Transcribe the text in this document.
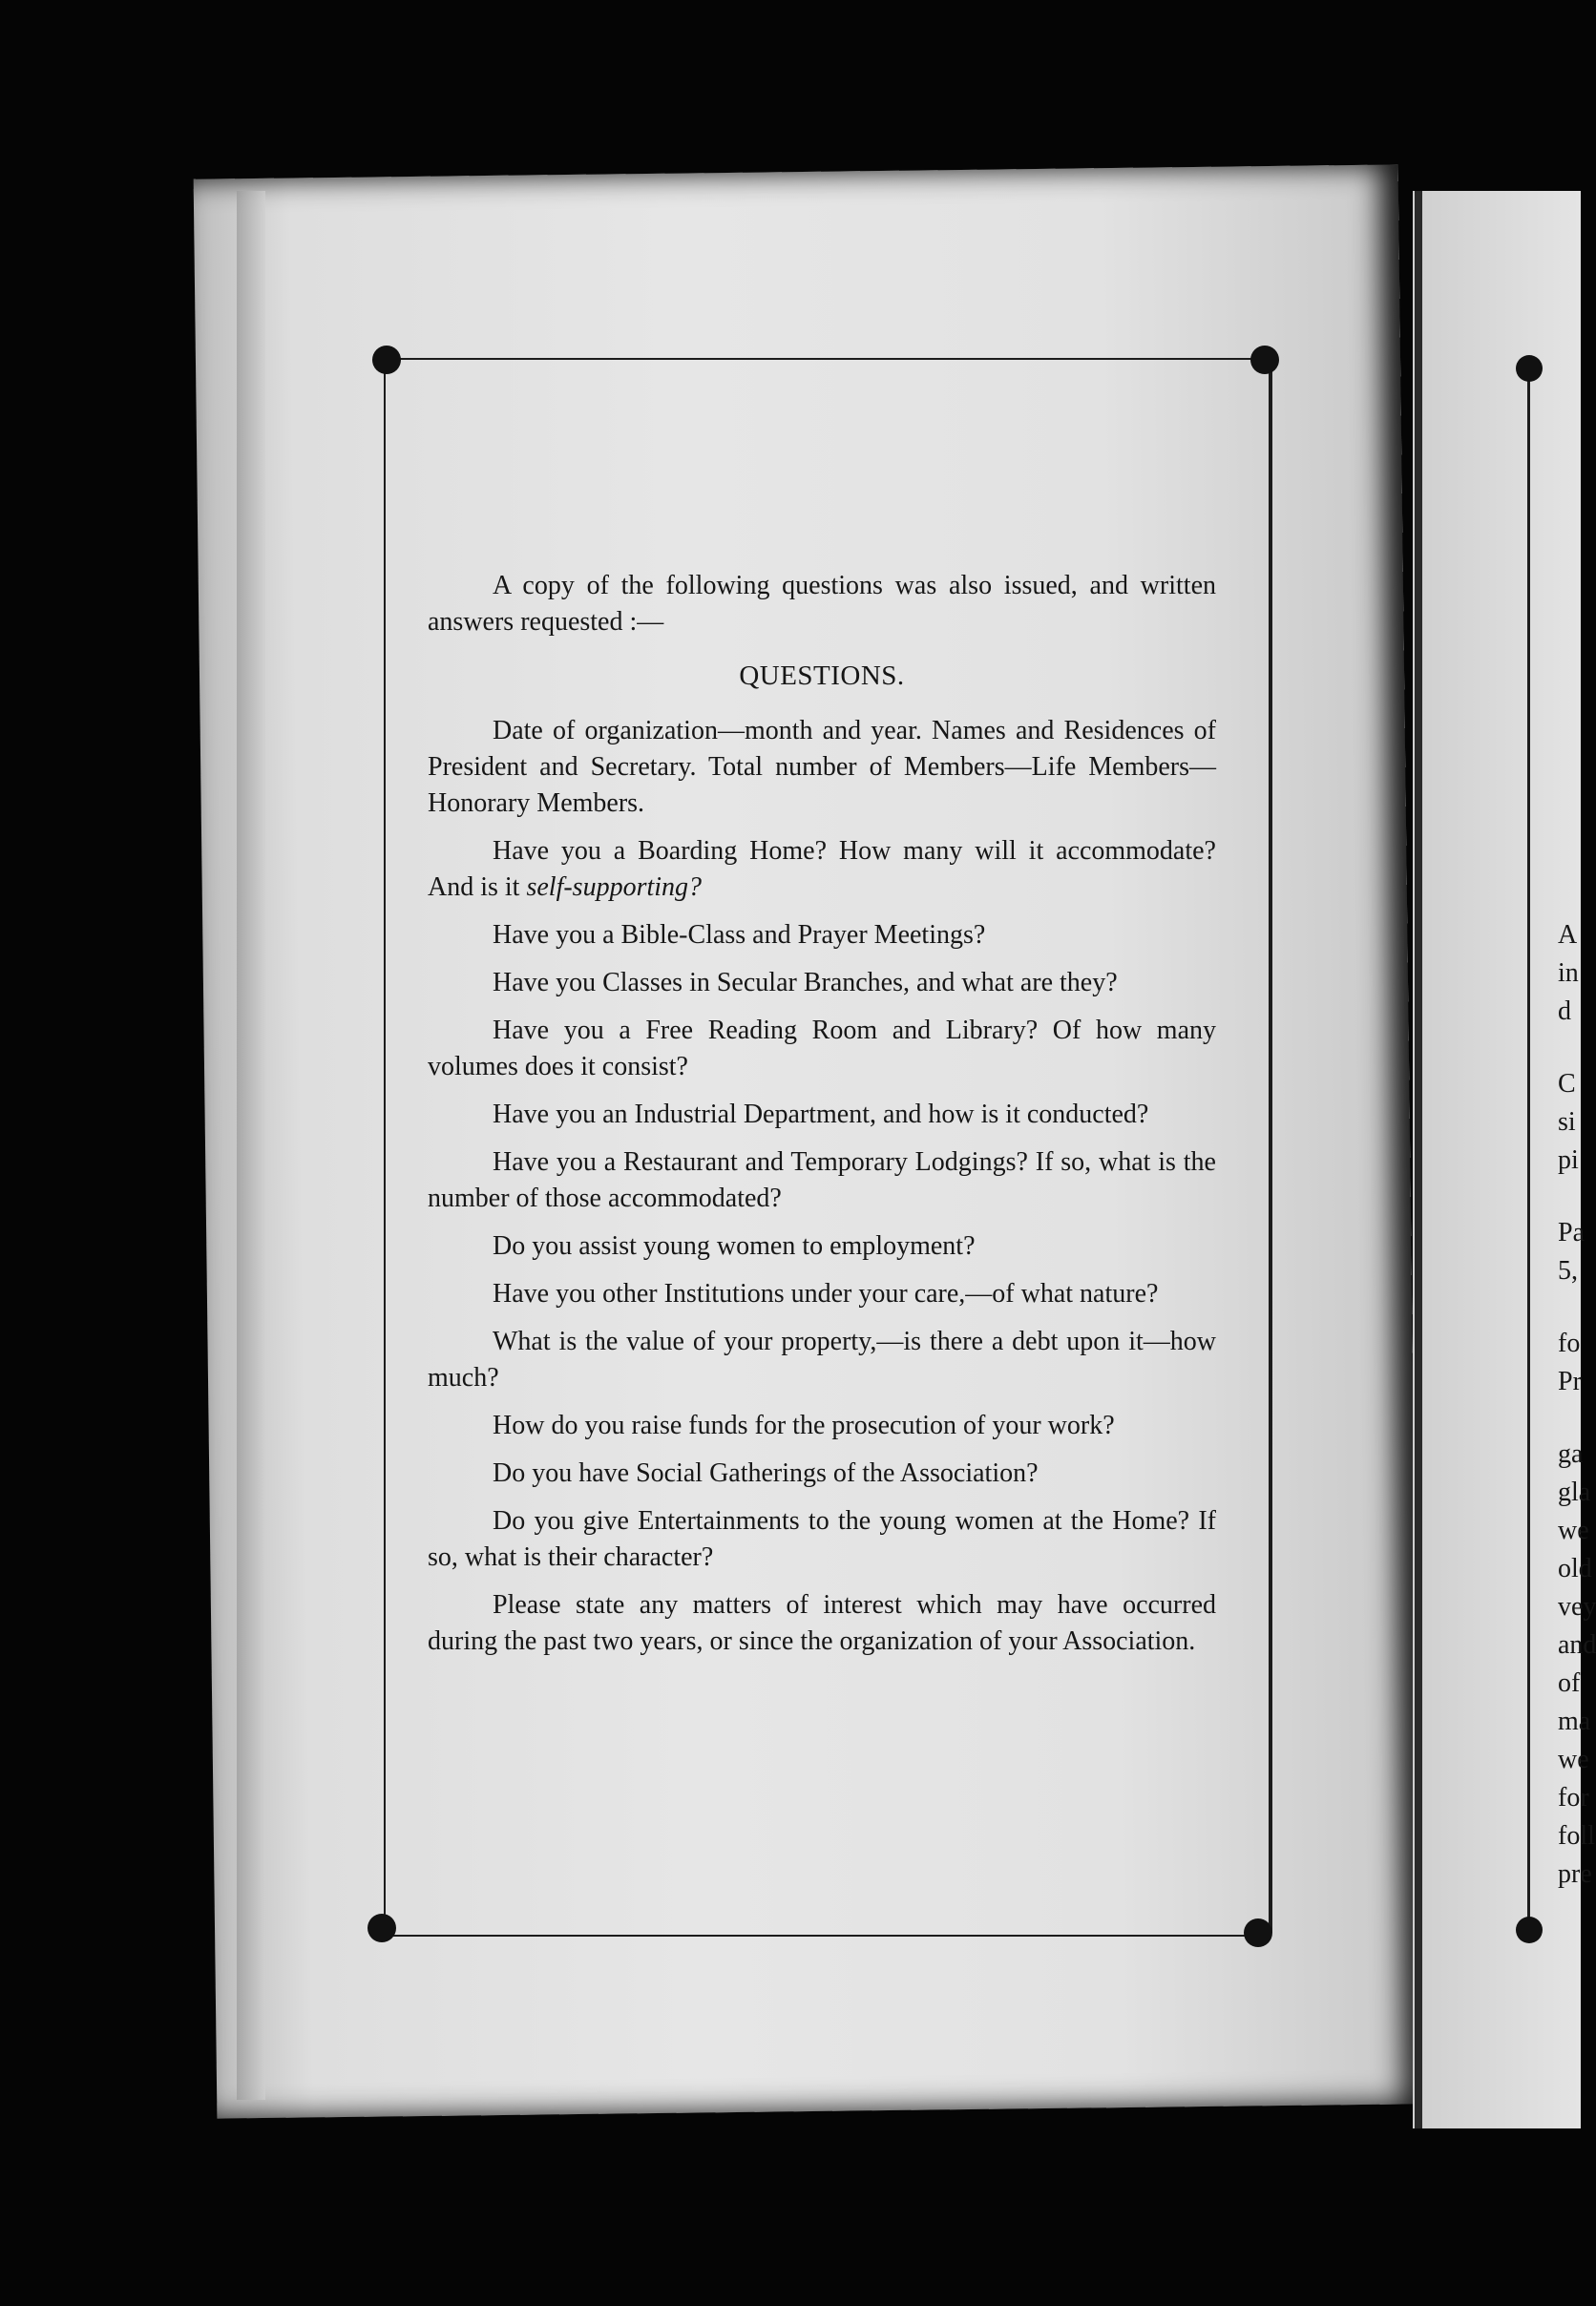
A copy of the following questions was also issued, and written answers requested :—

QUESTIONS.

Date of organization—month and year. Names and Residences of President and Secretary. Total number of Members—Life Members—Honorary Members.

Have you a Boarding Home? How many will it accommodate? And is it self-supporting?

Have you a Bible-Class and Prayer Meetings?

Have you Classes in Secular Branches, and what are they?

Have you a Free Reading Room and Library? Of how many volumes does it consist?

Have you an Industrial Department, and how is it conducted?

Have you a Restaurant and Temporary Lodgings? If so, what is the number of those accommodated?

Do you assist young women to employment?

Have you other Institutions under your care,—of what nature?

What is the value of your property,—is there a debt upon it—how much?

How do you raise funds for the prosecution of your work?

Do you have Social Gatherings of the Association?

Do you give Entertainments to the young women at the Home? If so, what is their character?

Please state any matters of interest which may have occurred during the past two years, or since the organization of your Association.

A
in
d
C
si
pi
Pa
5,
fo
Pr
ga
gla
we
old
vey
and
of
ma
we
for
foll
pre
